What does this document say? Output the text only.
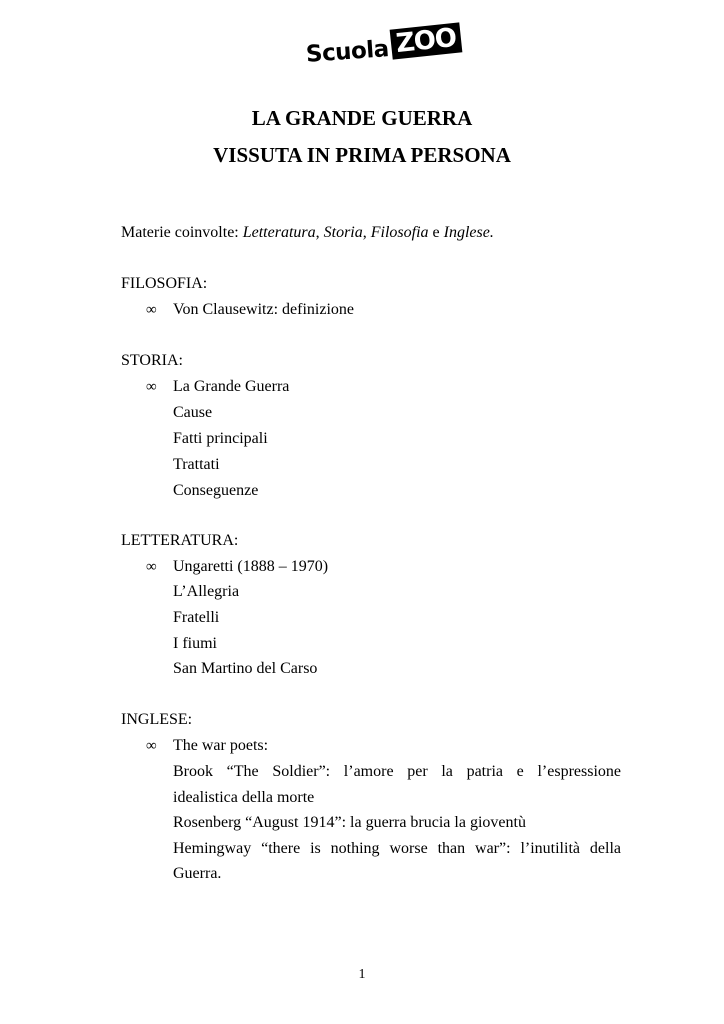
Scuola ZOO
LA GRANDE GUERRA
VISSUTA IN PRIMA PERSONA
Materie coinvolte: Letteratura, Storia, Filosofia e Inglese.
FILOSOFIA:
∞ Von Clausewitz: definizione
STORIA:
∞ La Grande Guerra
Cause
Fatti principali
Trattati
Conseguenze
LETTERATURA:
∞ Ungaretti (1888 – 1970)
L’Allegria
Fratelli
I fiumi
San Martino del Carso
INGLESE:
∞ The war poets:
Brook “The Soldier”: l’amore per la patria e l’espressione
idealistica della morte
Rosenberg “August 1914”: la guerra brucia la gioventù
Hemingway “there is nothing worse than war”: l’inutilità della
Guerra.
1
